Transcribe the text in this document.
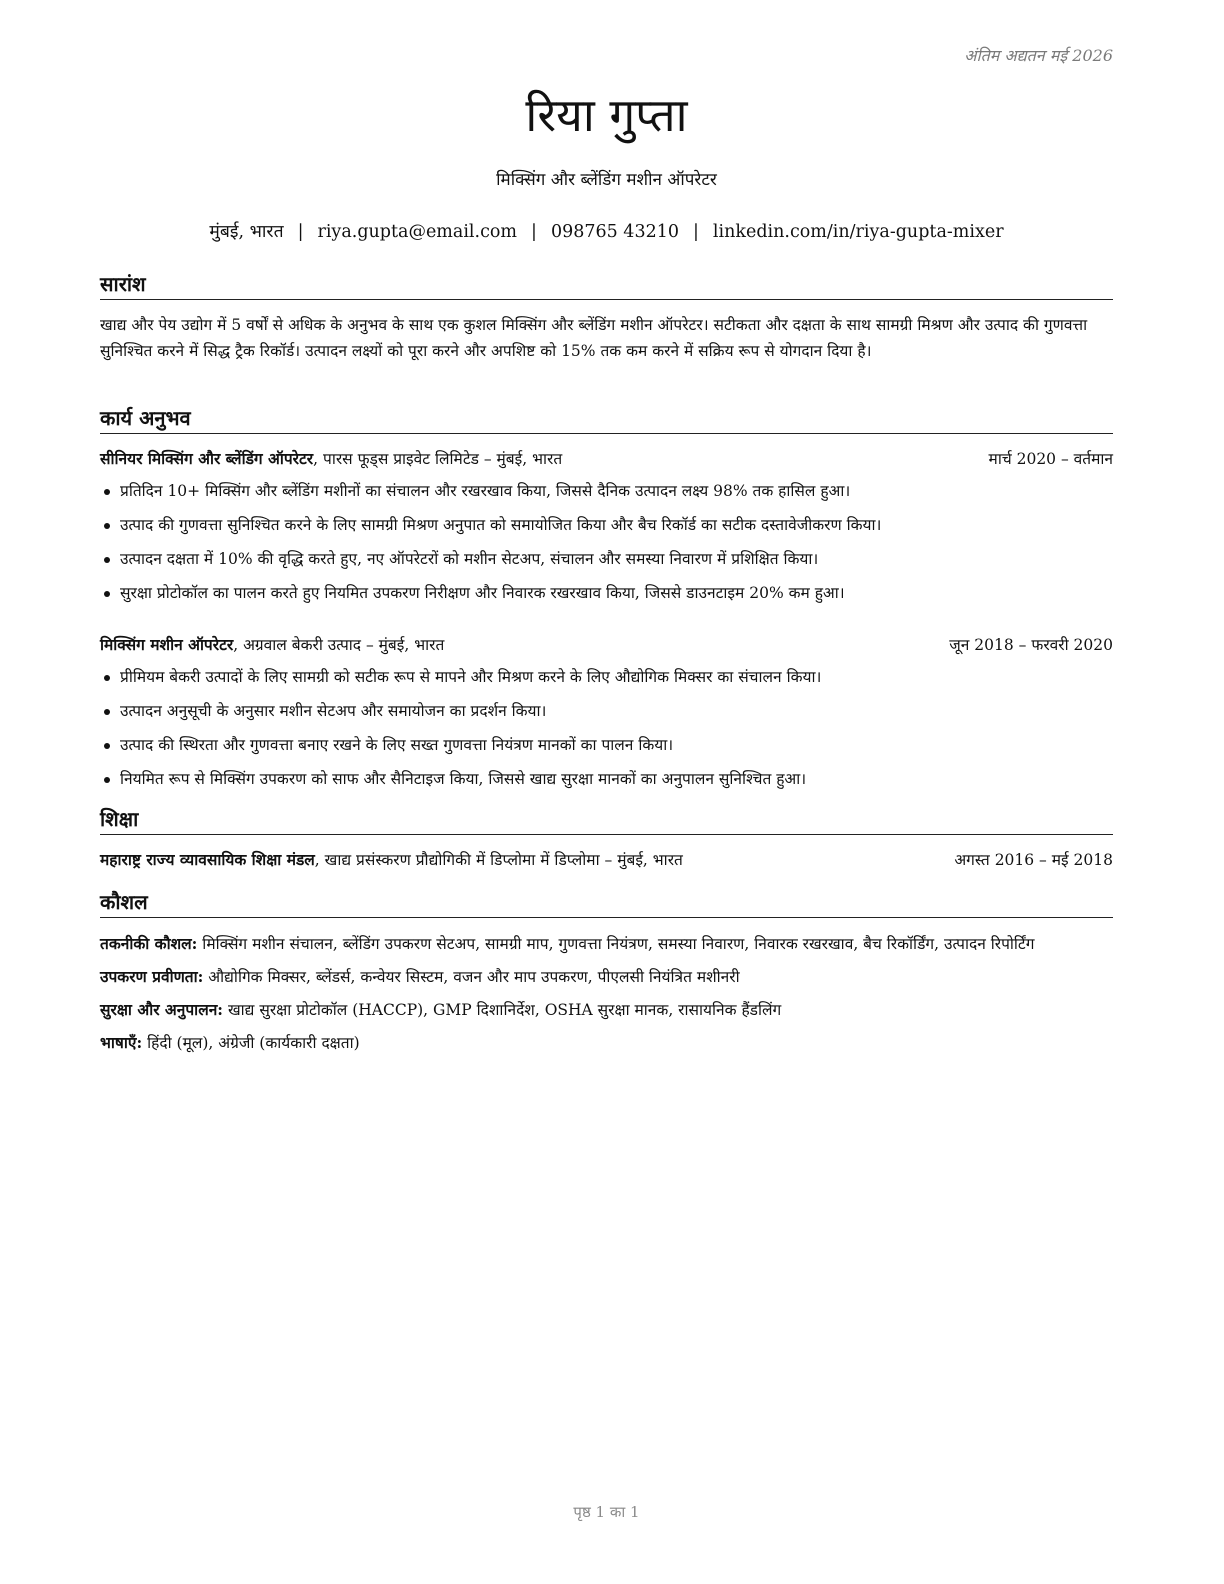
अंतिम अद्यतन मई 2026
रिया गुप्ता
मिक्सिंग और ब्लेंडिंग मशीन ऑपरेटर
मुंबई, भारत | riya.gupta@email.com | 098765 43210 | linkedin.com/in/riya-gupta-mixer
सारांश
खाद्य और पेय उद्योग में 5 वर्षों से अधिक के अनुभव के साथ एक कुशल मिक्सिंग और ब्लेंडिंग मशीन ऑपरेटर। सटीकता और दक्षता के साथ सामग्री मिश्रण और उत्पाद की गुणवत्ता सुनिश्चित करने में सिद्ध ट्रैक रिकॉर्ड। उत्पादन लक्ष्यों को पूरा करने और अपशिष्ट को 15% तक कम करने में सक्रिय रूप से योगदान दिया है।
कार्य अनुभव
सीनियर मिक्सिंग और ब्लेंडिंग ऑपरेटर, पारस फूड्स प्राइवेट लिमिटेड – मुंबई, भारत	मार्च 2020 – वर्तमान
प्रतिदिन 10+ मिक्सिंग और ब्लेंडिंग मशीनों का संचालन और रखरखाव किया, जिससे दैनिक उत्पादन लक्ष्य 98% तक हासिल हुआ।
उत्पाद की गुणवत्ता सुनिश्चित करने के लिए सामग्री मिश्रण अनुपात को समायोजित किया और बैच रिकॉर्ड का सटीक दस्तावेजीकरण किया।
उत्पादन दक्षता में 10% की वृद्धि करते हुए, नए ऑपरेटरों को मशीन सेटअप, संचालन और समस्या निवारण में प्रशिक्षित किया।
सुरक्षा प्रोटोकॉल का पालन करते हुए नियमित उपकरण निरीक्षण और निवारक रखरखाव किया, जिससे डाउनटाइम 20% कम हुआ।
मिक्सिंग मशीन ऑपरेटर, अग्रवाल बेकरी उत्पाद – मुंबई, भारत	जून 2018 – फरवरी 2020
प्रीमियम बेकरी उत्पादों के लिए सामग्री को सटीक रूप से मापने और मिश्रण करने के लिए औद्योगिक मिक्सर का संचालन किया।
उत्पादन अनुसूची के अनुसार मशीन सेटअप और समायोजन का प्रदर्शन किया।
उत्पाद की स्थिरता और गुणवत्ता बनाए रखने के लिए सख्त गुणवत्ता नियंत्रण मानकों का पालन किया।
नियमित रूप से मिक्सिंग उपकरण को साफ और सैनिटाइज किया, जिससे खाद्य सुरक्षा मानकों का अनुपालन सुनिश्चित हुआ।
शिक्षा
महाराष्ट्र राज्य व्यावसायिक शिक्षा मंडल, खाद्य प्रसंस्करण प्रौद्योगिकी में डिप्लोमा में डिप्लोमा – मुंबई, भारत	अगस्त 2016 – मई 2018
कौशल
तकनीकी कौशल: मिक्सिंग मशीन संचालन, ब्लेंडिंग उपकरण सेटअप, सामग्री माप, गुणवत्ता नियंत्रण, समस्या निवारण, निवारक रखरखाव, बैच रिकॉर्डिंग, उत्पादन रिपोर्टिंग
उपकरण प्रवीणता: औद्योगिक मिक्सर, ब्लेंडर्स, कन्वेयर सिस्टम, वजन और माप उपकरण, पीएलसी नियंत्रित मशीनरी
सुरक्षा और अनुपालन: खाद्य सुरक्षा प्रोटोकॉल (HACCP), GMP दिशानिर्देश, OSHA सुरक्षा मानक, रासायनिक हैंडलिंग
भाषाएँ: हिंदी (मूल), अंग्रेजी (कार्यकारी दक्षता)
पृष्ठ 1 का 1
